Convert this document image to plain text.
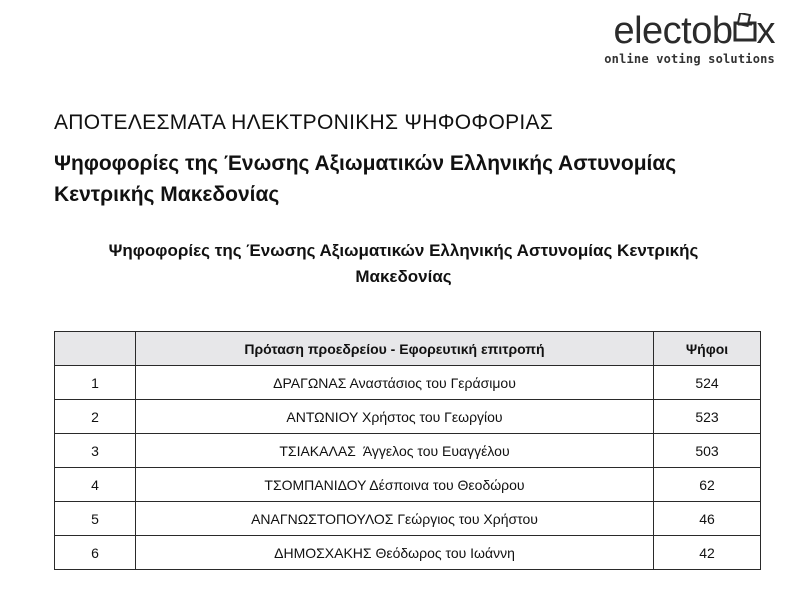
electob x
online voting solutions
ΑΠΟΤΕΛΕΣΜΑΤΑ ΗΛΕΚΤΡΟΝΙΚΗΣ ΨΗΦΟΦΟΡΙΑΣ
Ψηφοφορίες της Ένωσης Αξιωματικών Ελληνικής Αστυνομίας
Κεντρικής Μακεδονίας
Ψηφοφορίες της Ένωσης Αξιωματικών Ελληνικής Αστυνομίας Κεντρικής
Μακεδονίας
	Πρόταση προεδρείου - Εφορευτική επιτροπή	Ψήφοι
1	ΔΡΑΓΩΝΑΣ Αναστάσιος του Γεράσιμου	524
2	ΑΝΤΩΝΙΟΥ Χρήστος του Γεωργίου	523
3	ΤΣΙΑΚΑΛΑΣ  Άγγελος του Ευαγγέλου	503
4	ΤΣΟΜΠΑΝΙΔΟΥ Δέσποινα του Θεοδώρου	62
5	ΑΝΑΓΝΩΣΤΟΠΟΥΛΟΣ Γεώργιος του Χρήστου	46
6	ΔΗΜΟΣΧΑΚΗΣ Θεόδωρος του Ιωάννη	42
